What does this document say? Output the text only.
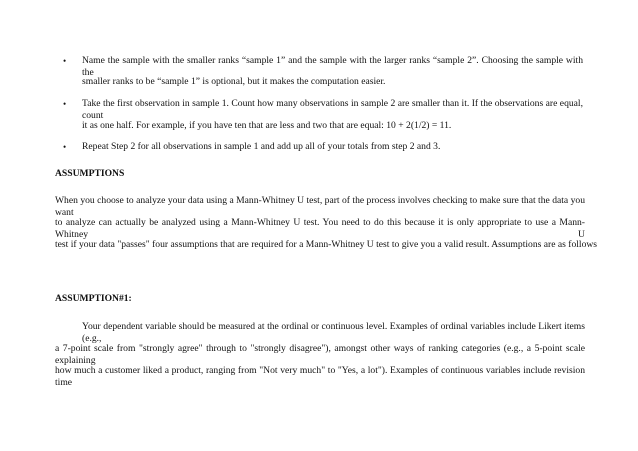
• Name the sample with the smaller ranks “sample 1” and the sample with the larger ranks “sample 2”. Choosing the sample with the
smaller ranks to be “sample 1” is optional, but it makes the computation easier.
• Take the first observation in sample 1. Count how many observations in sample 2 are smaller than it. If the observations are equal, count
it as one half. For example, if you have ten that are less and two that are equal: 10 + 2(1/2) = 11.
• Repeat Step 2 for all observations in sample 1 and add up all of your totals from step 2 and 3.
ASSUMPTIONS
When you choose to analyze your data using a Mann-Whitney U test, part of the process involves checking to make sure that the data you want
to analyze can actually be analyzed using a Mann-Whitney U test. You need to do this because it is only appropriate to use a Mann-Whitney U
test if your data "passes" four assumptions that are required for a Mann-Whitney U test to give you a valid result. Assumptions are as follows
ASSUMPTION#1:
Your dependent variable should be measured at the ordinal or continuous level. Examples of ordinal variables include Likert items (e.g.,
a 7-point scale from "strongly agree" through to "strongly disagree"), amongst other ways of ranking categories (e.g., a 5-point scale explaining
how much a customer liked a product, ranging from "Not very much" to "Yes, a lot"). Examples of continuous variables include revision time
